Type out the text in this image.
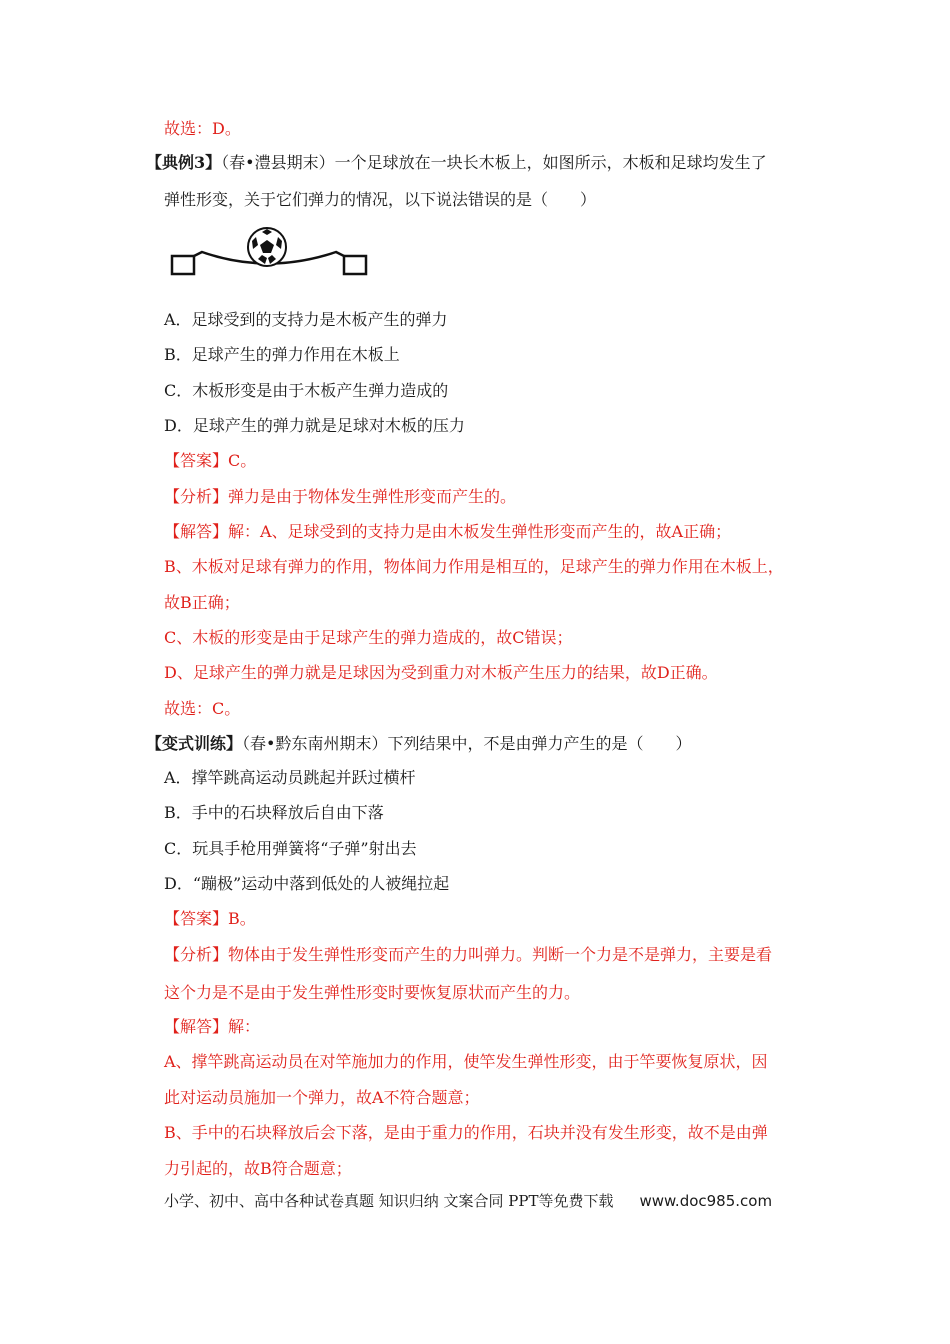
故选：D。
【典例3】（春•澧县期末）一个足球放在一块长木板上，如图所示，木板和足球均发生了
弹性形变，关于它们弹力的情况，以下说法错误的是（　　）
A．足球受到的支持力是木板产生的弹力
B．足球产生的弹力作用在木板上
C．木板形变是由于木板产生弹力造成的
D．足球产生的弹力就是足球对木板的压力
【答案】C。
【分析】弹力是由于物体发生弹性形变而产生的。
【解答】解：A、足球受到的支持力是由木板发生弹性形变而产生的，故A正确；
B、木板对足球有弹力的作用，物体间力作用是相互的，足球产生的弹力作用在木板上，
故B正确；
C、木板的形变是由于足球产生的弹力造成的，故C错误；
D、足球产生的弹力就是足球因为受到重力对木板产生压力的结果，故D正确。
故选：C。
【变式训练】（春•黔东南州期末）下列结果中，不是由弹力产生的是（　　）
A．撑竿跳高运动员跳起并跃过横杆
B．手中的石块释放后自由下落
C．玩具手枪用弹簧将“子弹”射出去
D．“蹦极”运动中落到低处的人被绳拉起
【答案】B。
【分析】物体由于发生弹性形变而产生的力叫弹力。判断一个力是不是弹力，主要是看
这个力是不是由于发生弹性形变时要恢复原状而产生的力。
【解答】解：
A、撑竿跳高运动员在对竿施加力的作用，使竿发生弹性形变，由于竿要恢复原状，因
此对运动员施加一个弹力，故A不符合题意；
B、手中的石块释放后会下落，是由于重力的作用，石块并没有发生形变，故不是由弹
力引起的，故B符合题意；
小学、初中、高中各种试卷真题 知识归纳 文案合同 PPT等免费下载 www.doc985.com
